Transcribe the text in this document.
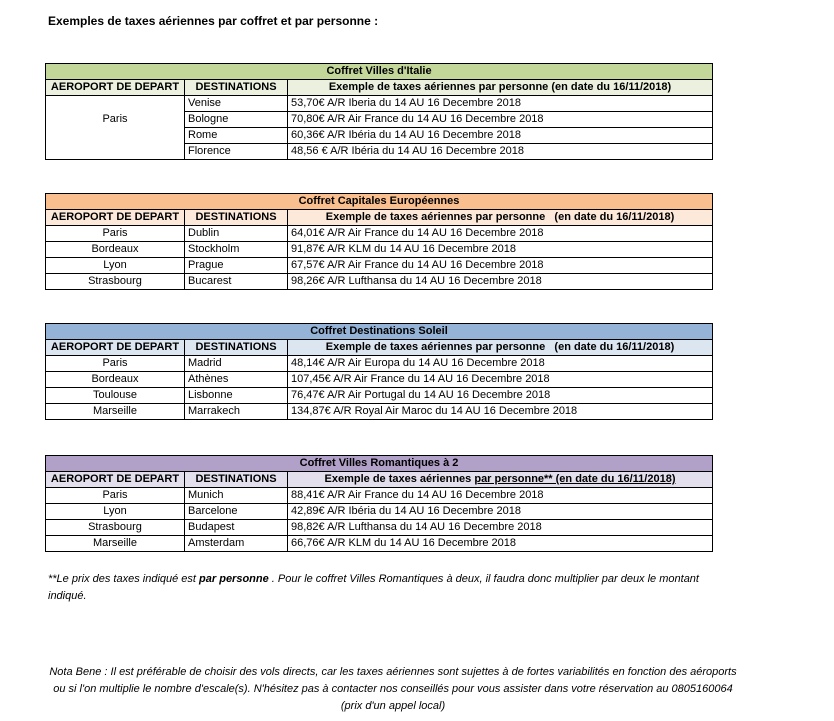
Exemples de taxes aériennes par coffret et par personne :
Coffret Villes d'Italie		
AEROPORT DE DEPART	DESTINATIONS	Exemple de taxes aériennes par personne (en date du 16/11/2018)
	Venise	53,70€ A/R Iberia du 14 AU 16 Decembre 2018
Paris	Bologne	70,80€ A/R Air France du 14 AU 16 Decembre 2018
	Rome	60,36€ A/R Ibéria du 14 AU 16 Decembre 2018
	Florence	48,56 € A/R Ibéria du 14 AU 16 Decembre 2018
Coffret Capitales Européennes		
AEROPORT DE DEPART	DESTINATIONS	Exemple de taxes aériennes par personne   (en date du 16/11/2018)
Paris	Dublin	64,01€ A/R Air France du 14 AU 16 Decembre 2018
Bordeaux	Stockholm	91,87€ A/R KLM du 14 AU 16 Decembre 2018
Lyon	Prague	67,57€ A/R Air France du 14 AU 16 Decembre 2018
Strasbourg	Bucarest	98,26€ A/R Lufthansa du 14 AU 16 Decembre 2018
Coffret Destinations Soleil		
AEROPORT DE DEPART	DESTINATIONS	Exemple de taxes aériennes par personne   (en date du 16/11/2018)
Paris	Madrid	48,14€ A/R Air Europa du 14 AU 16 Decembre 2018
Bordeaux	Athènes	107,45€ A/R Air France du 14 AU 16 Decembre 2018
Toulouse	Lisbonne	76,47€ A/R Air Portugal du 14 AU 16 Decembre 2018
Marseille	Marrakech	134,87€ A/R Royal Air Maroc du 14 AU 16 Decembre 2018
Coffret Villes Romantiques à 2		
AEROPORT DE DEPART	DESTINATIONS	Exemple de taxes aériennes par personne** (en date du 16/11/2018)
Paris	Munich	88,41€ A/R Air France du 14 AU 16 Decembre 2018
Lyon	Barcelone	42,89€ A/R Ibéria du 14 AU 16 Decembre 2018
Strasbourg	Budapest	98,82€ A/R Lufthansa du 14 AU 16 Decembre 2018
Marseille	Amsterdam	66,76€ A/R KLM du 14 AU 16 Decembre 2018
**Le prix des taxes indiqué est par personne . Pour le coffret Villes Romantiques à deux, il faudra donc multiplier par deux le montant indiqué.
Nota Bene : Il est préférable de choisir des vols directs, car les taxes aériennes sont sujettes à de fortes variabilités en fonction des aéroports ou si l'on multiplie le nombre d'escale(s). N'hésitez pas à contacter nos conseillés pour vous assister dans votre réservation au 0805160064 (prix d'un appel local)
